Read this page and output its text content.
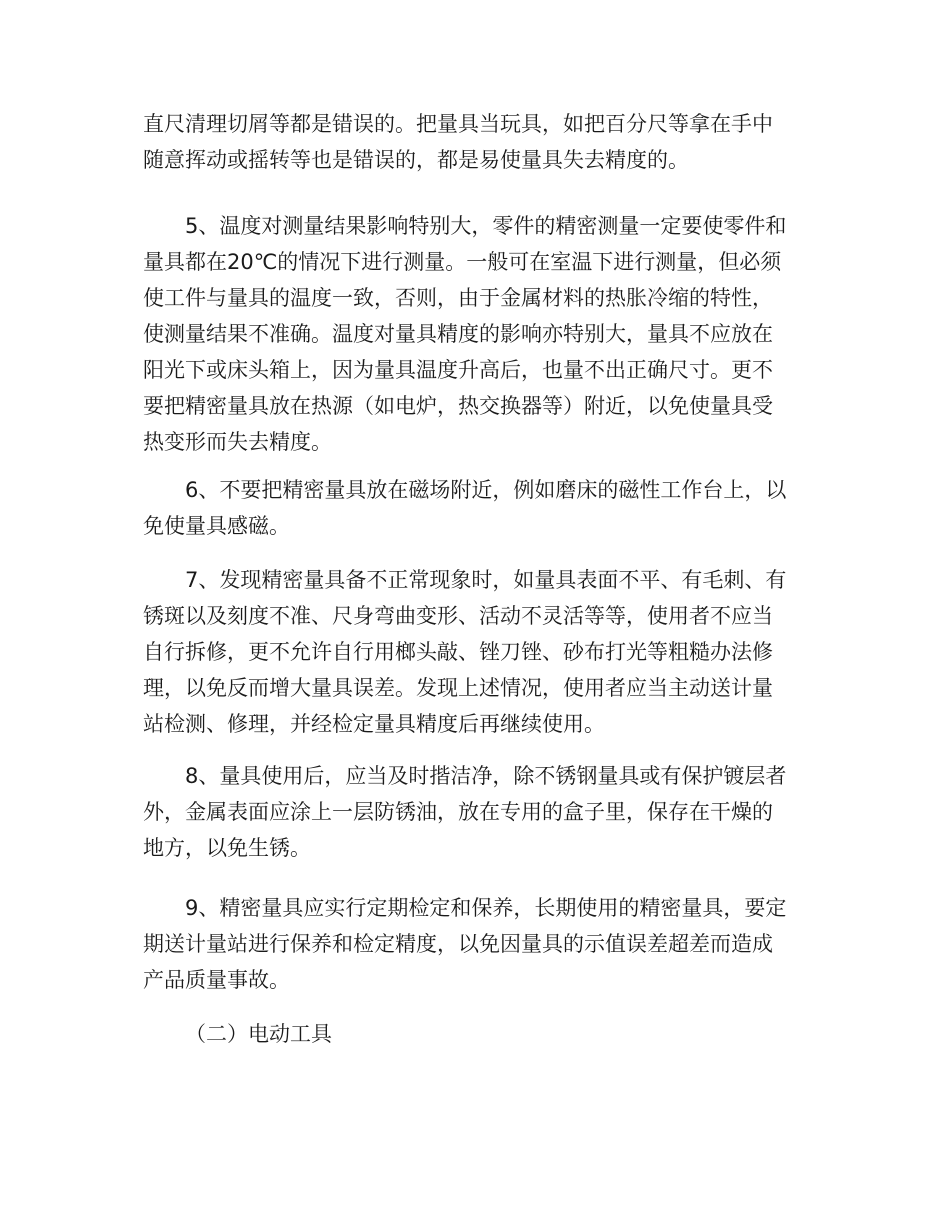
直尺清理切屑等都是错误的。把量具当玩具，如把百分尺等拿在手中
随意挥动或摇转等也是错误的，都是易使量具失去精度的。
5、温度对测量结果影响特别大，零件的精密测量一定要使零件和
量具都在20℃的情况下进行测量。一般可在室温下进行测量，但必须
使工件与量具的温度一致，否则，由于金属材料的热胀冷缩的特性，
使测量结果不准确。温度对量具精度的影响亦特别大，量具不应放在
阳光下或床头箱上，因为量具温度升高后，也量不出正确尺寸。更不
要把精密量具放在热源（如电炉，热交换器等）附近，以免使量具受
热变形而失去精度。
6、不要把精密量具放在磁场附近，例如磨床的磁性工作台上，以
免使量具感磁。
7、发现精密量具备不正常现象时，如量具表面不平、有毛刺、有
锈斑以及刻度不准、尺身弯曲变形、活动不灵活等等，使用者不应当
自行拆修，更不允许自行用榔头敲、锉刀锉、砂布打光等粗糙办法修
理，以免反而增大量具误差。发现上述情况，使用者应当主动送计量
站检测、修理，并经检定量具精度后再继续使用。
8、量具使用后，应当及时揩洁净，除不锈钢量具或有保护镀层者
外，金属表面应涂上一层防锈油，放在专用的盒子里，保存在干燥的
地方，以免生锈。
9、精密量具应实行定期检定和保养，长期使用的精密量具，要定
期送计量站进行保养和检定精度，以免因量具的示值误差超差而造成
产品质量事故。
（二）电动工具
